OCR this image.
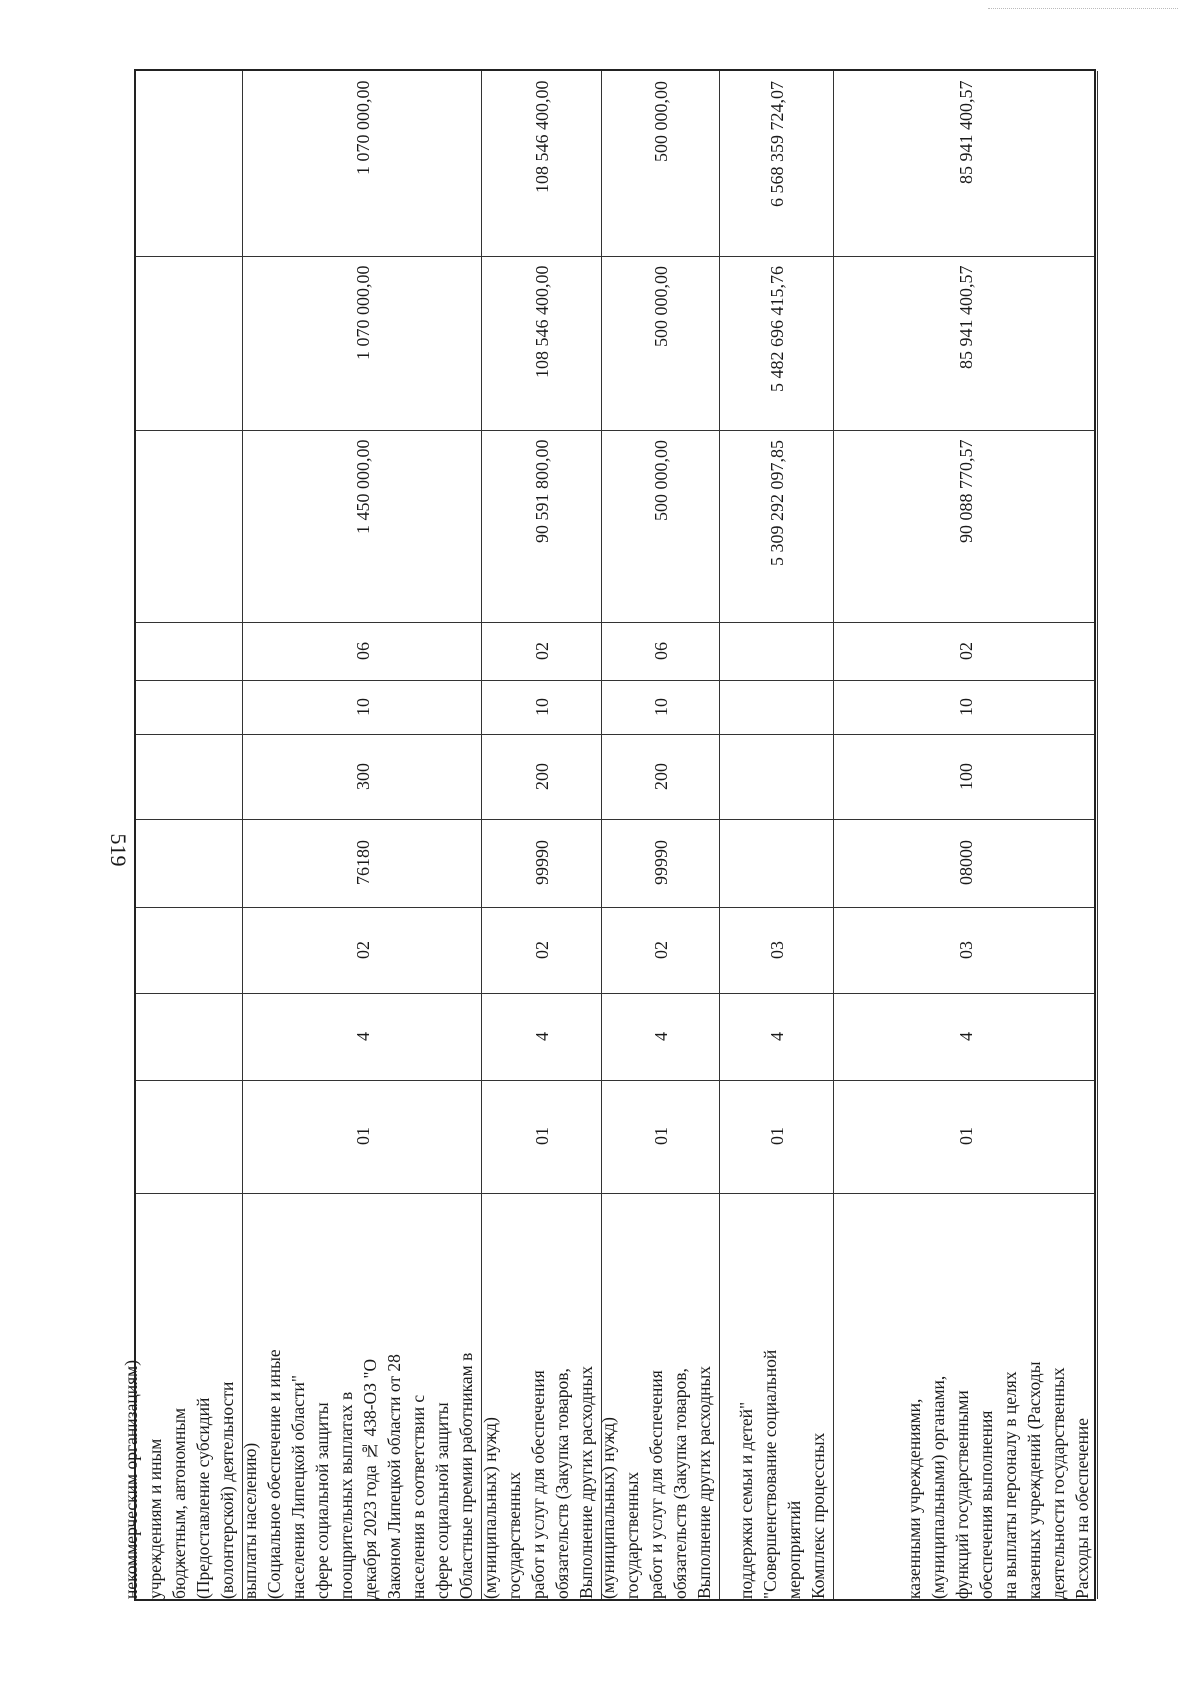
519
(волонтерской) деятельности
(Предоставление субсидий
бюджетным, автономным
учреждениям и иным
некоммерческим организациям)
1 070 000,00
1 070 000,00
1 450 000,00
06
10
300
76180
02
4
01
Областные премии работникам в
сфере социальной защиты
населения в соответствии с
Законом Липецкой области от 28
декабря 2023 года № 438-ОЗ "О
поощрительных выплатах в
сфере социальной защиты
населения Липецкой области"
(Социальное обеспечение и иные
выплаты населению)
108 546 400,00
108 546 400,00
90 591 800,00
02
10
200
99990
02
4
01
Выполнение других расходных
обязательств (Закупка товаров,
работ и услуг для обеспечения
государственных
(муниципальных) нужд)
500 000,00
500 000,00
500 000,00
06
10
200
99990
02
4
01
Выполнение других расходных
обязательств (Закупка товаров,
работ и услуг для обеспечения
государственных
(муниципальных) нужд)
6 568 359 724,07
5 482 696 415,76
5 309 292 097,85
03
4
01
Комплекс процессных
мероприятий
"Совершенствование социальной
поддержки семьи и детей"
85 941 400,57
85 941 400,57
90 088 770,57
02
10
100
08000
03
4
01
Расходы на обеспечение
деятельности государственных
казенных учреждений (Расходы
на выплаты персоналу в целях
обеспечения выполнения
функций государственными
(муниципальными) органами,
казенными учреждениями,
